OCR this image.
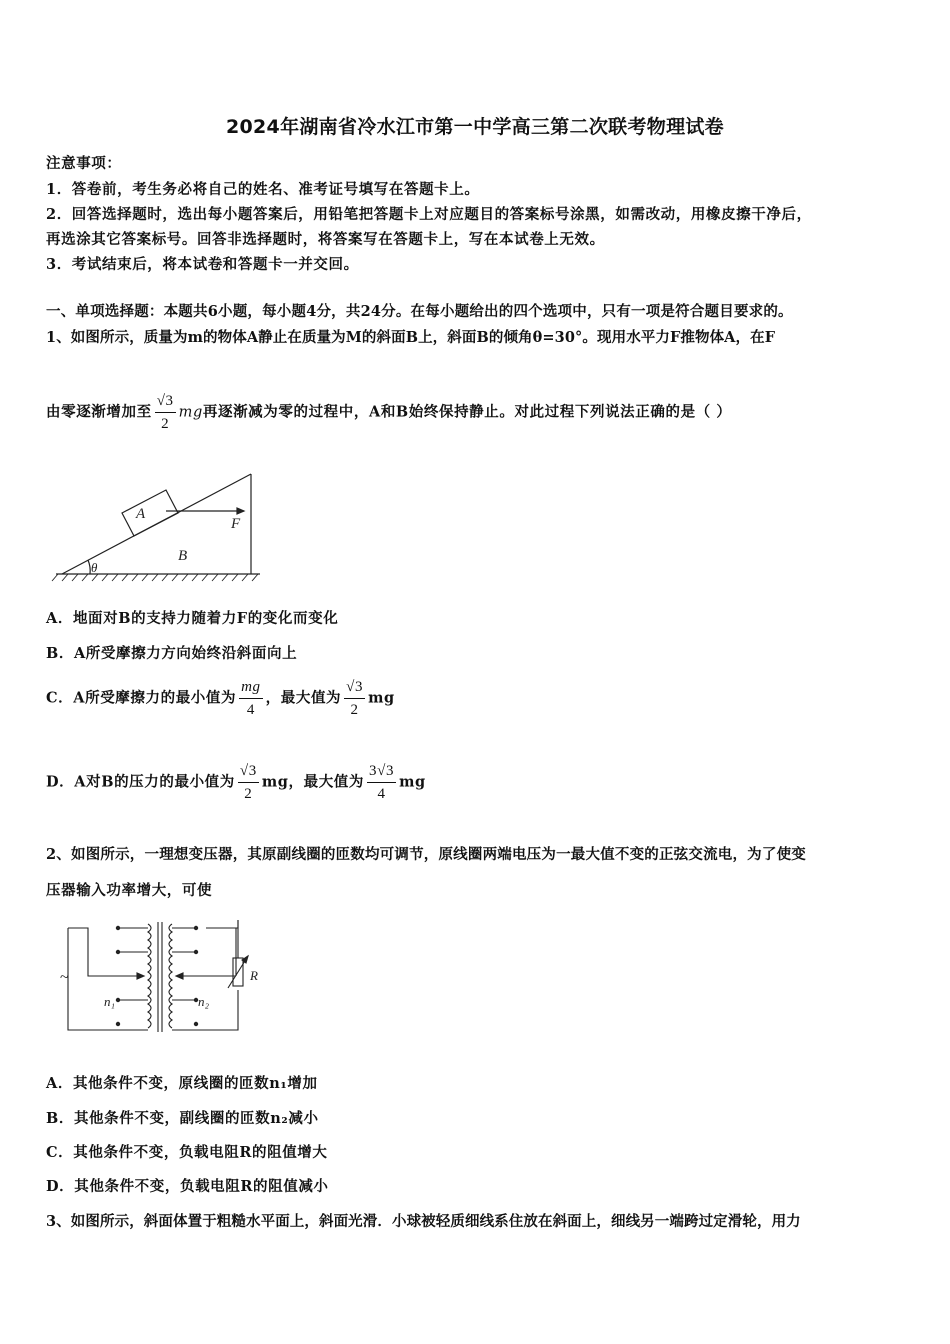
2024年湖南省冷水江市第一中学高三第二次联考物理试卷
注意事项：
1．答卷前，考生务必将自己的姓名、准考证号填写在答题卡上。
2．回答选择题时，选出每小题答案后，用铅笔把答题卡上对应题目的答案标号涂黑，如需改动，用橡皮擦干净后，
再选涂其它答案标号。回答非选择题时，将答案写在答题卡上，写在本试卷上无效。
3．考试结束后，将本试卷和答题卡一并交回。
一、单项选择题：本题共6小题，每小题4分，共24分。在每小题给出的四个选项中，只有一项是符合题目要求的。
1、如图所示，质量为m的物体A静止在质量为M的斜面B上，斜面B的倾角θ=30°。现用水平力F推物体A，在F
由零逐渐增加至 $\frac{√3}{2}$ mg再逐渐减为零的过程中，A和B始终保持静止。对此过程下列说法正确的是（ ）
A
B
F
θ
A．地面对B的支持力随着力F的变化而变化
B．A所受摩擦力方向始终沿斜面向上
C．A所受摩擦力的最小值为 $\frac{mg}{4}$ ，最大值为 $\frac{√3}{2}$ mg
D．A对B的压力的最小值为 $\frac{√3}{2}$ mg，最大值为 $\frac{3√3}{4}$ mg
2、如图所示，一理想变压器，其原副线圈的匝数均可调节，原线圈两端电压为一最大值不变的正弦交流电，为了使变
压器输入功率增大，可使
~
n₁	n₂
R
A．其他条件不变，原线圈的匝数n₁增加
B．其他条件不变，副线圈的匝数n₂减小
C．其他条件不变，负载电阻R的阻值增大
D．其他条件不变，负载电阻R的阻值减小
3、如图所示，斜面体置于粗糙水平面上，斜面光滑．小球被轻质细线系住放在斜面上，细线另一端跨过定滑轮，用力
